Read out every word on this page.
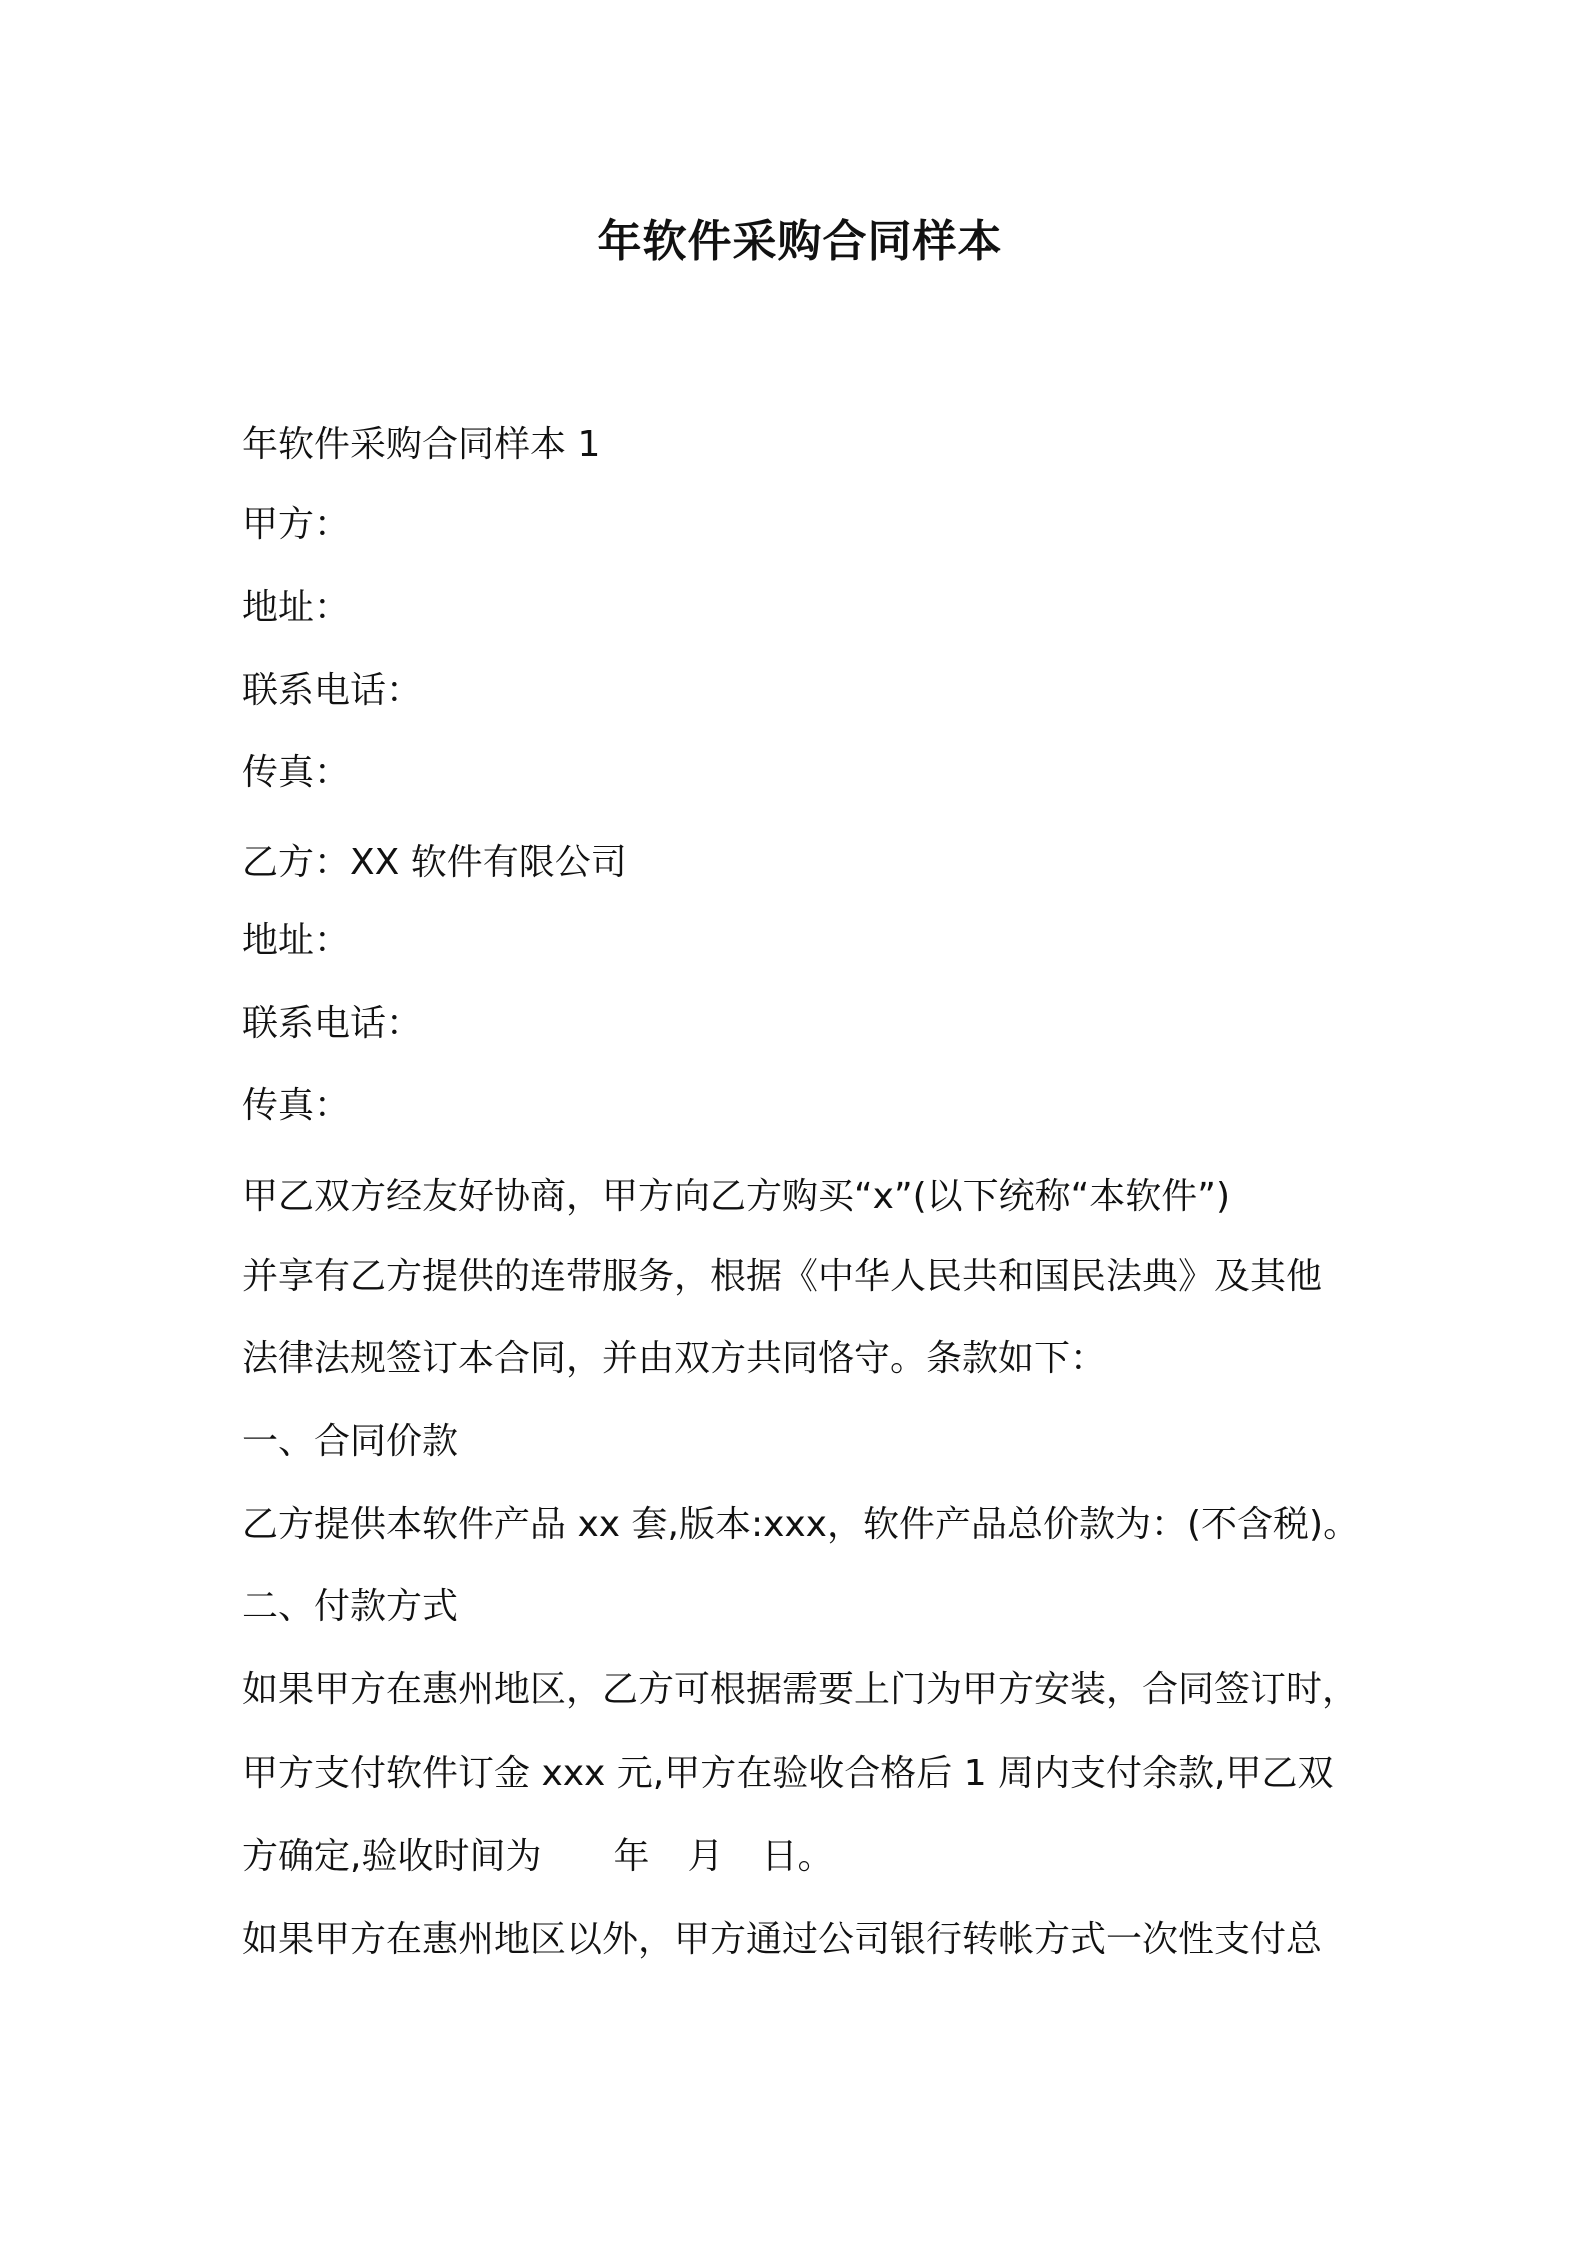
年软件采购合同样本
年软件采购合同样本 1
甲方：
地址：
联系电话：
传真：
乙方：XX 软件有限公司
地址：
联系电话：
传真：
甲乙双方经友好协商，甲方向乙方购买“x”(以下统称“本软件”)
并享有乙方提供的连带服务，根据《中华人民共和国民法典》及其他
法律法规签订本合同，并由双方共同恪守。条款如下：
一、合同价款
乙方提供本软件产品 xx 套,版本:xxx，软件产品总价款为：(不含税)。
二、付款方式
如果甲方在惠州地区，乙方可根据需要上门为甲方安装，合同签订时，
甲方支付软件订金 xxx 元,甲方在验收合格后 1 周内支付余款,甲乙双
方确定,验收时间为 年 月 日。
如果甲方在惠州地区以外，甲方通过公司银行转帐方式一次性支付总
